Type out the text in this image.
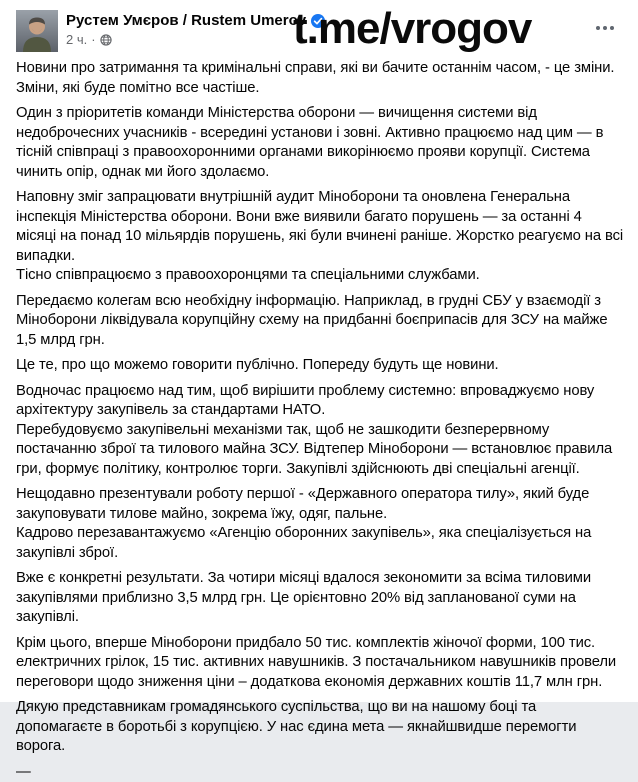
Рустем Умєров / Rustem Umerov
2 ч. ·	t.me/vrogov

Новини про затримання та кримінальні справи, які ви бачите останнім часом, - це зміни. Зміни, які буде помітно все частіше.

Один з пріоритетів команди Міністерства оборони — вичищення системи від недоброчесних учасників - всередині установи і зовні. Активно працюємо над цим — в тісній співпраці з правоохоронними органами викорінюємо прояви корупції. Система чинить опір, однак ми його здолаємо.

Наповну зміг запрацювати внутрішній аудит Міноборони та оновлена Генеральна інспекція Міністерства оборони. Вони вже виявили багато порушень — за останні 4 місяці на понад 10 мільярдів порушень, які були вчинені раніше. Жорстко реагуємо на всі випадки.
Тісно співпрацюємо з правоохоронцями та спеціальними службами.

Передаємо колегам всю необхідну інформацію. Наприклад, в грудні СБУ у взаємодії з Міноборони ліквідувала корупційну схему на придбанні боєприпасів для ЗСУ на майже 1,5 млрд грн.

Це те, про що можемо говорити публічно. Попереду будуть ще новини.

Водночас працюємо над тим, щоб вирішити проблему системно: впроваджуємо нову архітектуру закупівель за стандартами НАТО.
Перебудовуємо закупівельні механізми так, щоб не зашкодити безперервному постачанню зброї та тилового майна ЗСУ. Відтепер Міноборони — встановлює правила гри, формує політику, контролює торги. Закупівлі здійснюють дві спеціальні агенції.

Нещодавно презентували роботу першої - «Державного оператора тилу», який буде закуповувати тилове майно, зокрема їжу, одяг, пальне.
Кадрово перезавантажуємо «Агенцію оборонних закупівель», яка спеціалізується на закупівлі зброї.

Вже є конкретні результати. За чотири місяці вдалося зекономити за всіма тиловими закупівлями приблизно 3,5 млрд грн. Це орієнтовно 20% від запланованої суми на закупівлі.

Крім цього, вперше Міноборони придбало 50 тис. комплектів жіночої форми, 100 тис. електричних грілок, 15 тис. активних навушників. З постачальником навушників провели переговори щодо зниження ціни – додаткова економія державних коштів 11,7 млн грн.

Дякую представникам громадянського суспільства, що ви на нашому боці та допомагаєте в боротьбі з корупцією. У нас єдина мета — якнайшвидше перемогти ворога.

—
